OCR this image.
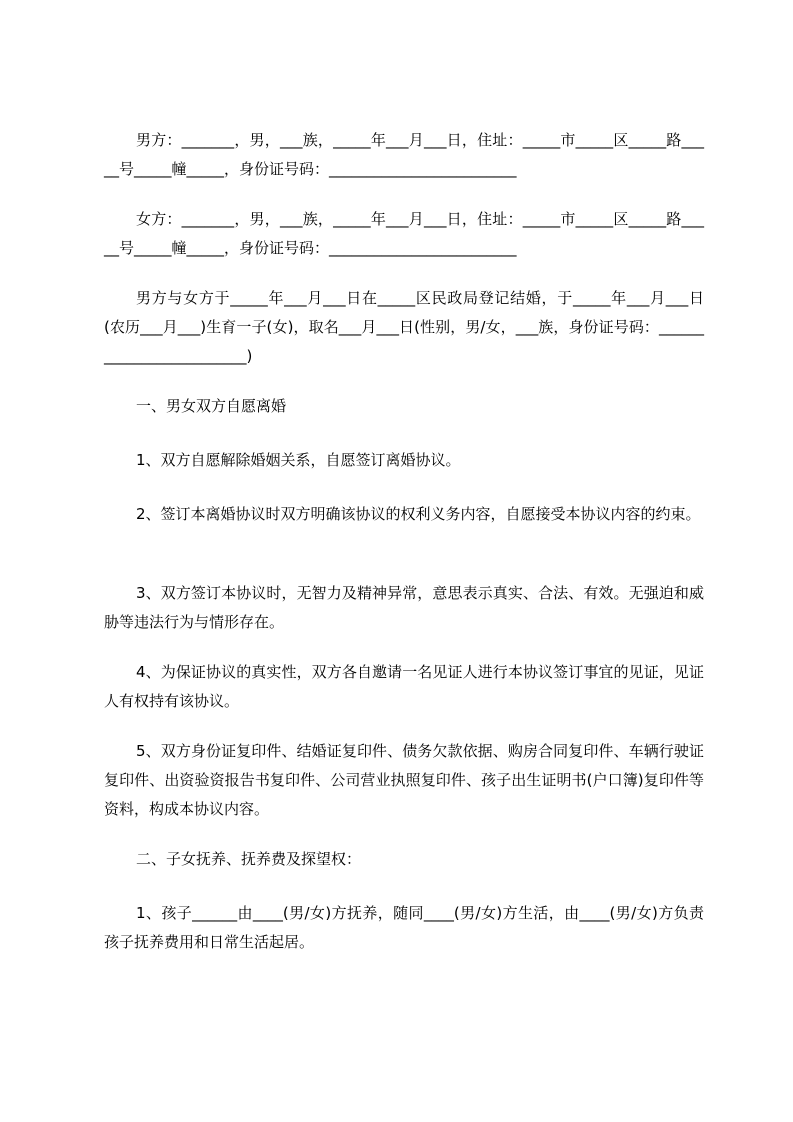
男方：_______，男，___族，_____年___月___日，住址：_____市_____区_____路_____号_____幢_____，身份证号码：_________________________

女方：_______，男，___族，_____年___月___日，住址：_____市_____区_____路_____号_____幢_____，身份证号码：_________________________

男方与女方于_____年___月___日在_____区民政局登记结婚，于_____年___月___日(农历___月___)生育一子(女)，取名___月___日(性别，男/女，___族，身份证号码：_________________________)

一、男女双方自愿离婚

1、双方自愿解除婚姻关系，自愿签订离婚协议。

2、签订本离婚协议时双方明确该协议的权利义务内容，自愿接受本协议内容的约束。

3、双方签订本协议时，无智力及精神异常，意思表示真实、合法、有效。无强迫和威胁等违法行为与情形存在。

4、为保证协议的真实性，双方各自邀请一名见证人进行本协议签订事宜的见证，见证人有权持有该协议。

5、双方身份证复印件、结婚证复印件、债务欠款依据、购房合同复印件、车辆行驶证复印件、出资验资报告书复印件、公司营业执照复印件、孩子出生证明书(户口簿)复印件等资料，构成本协议内容。

二、子女抚养、抚养费及探望权：

1、孩子______由____(男/女)方抚养，随同____(男/女)方生活，由____(男/女)方负责孩子抚养费用和日常生活起居。
